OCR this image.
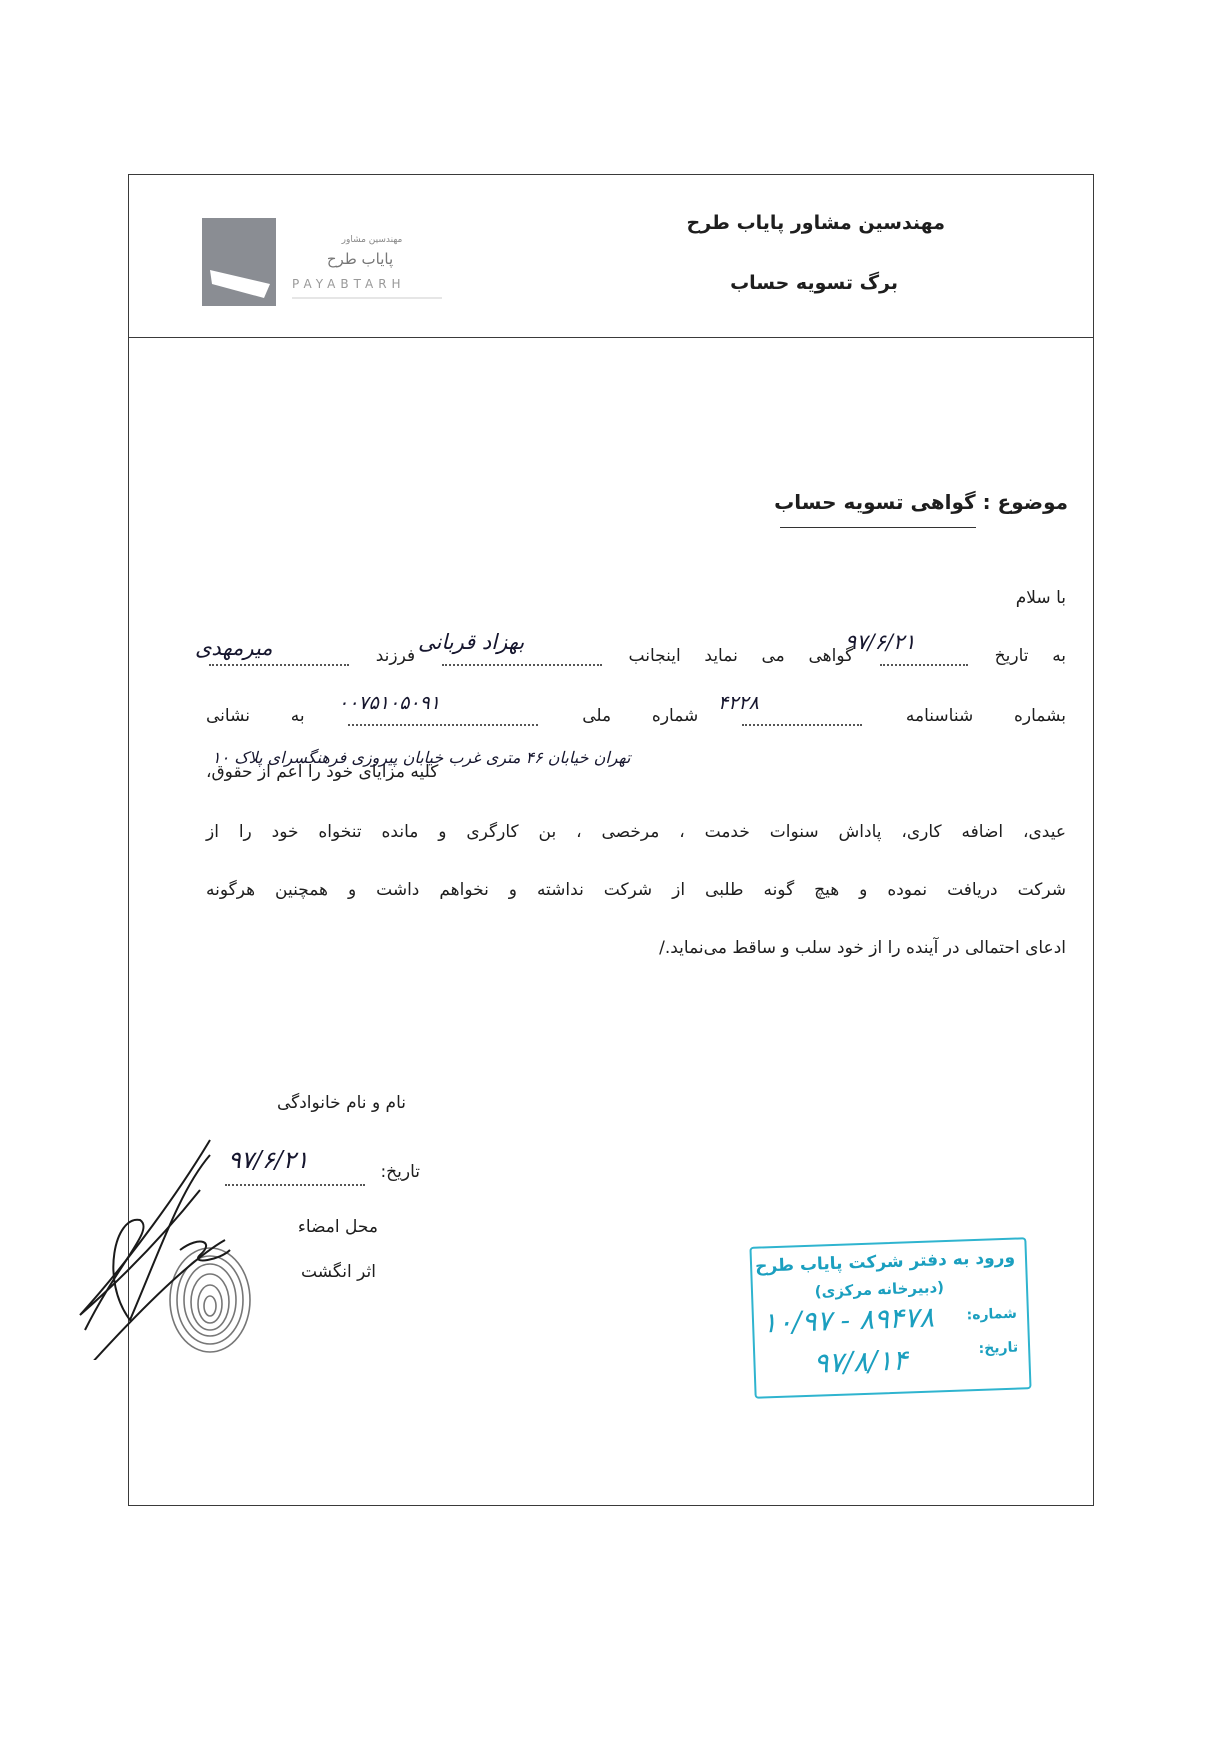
مهندسین مشاور
پایاب طرح
PAYABTARH
مهندسین مشاور پایاب طرح
برگ تسویه حساب
موضوع : گواهی تسویه حساب
با سلام
به تاریخ  گواهی می نماید اینجانب  فرزند
۹۷/۶/۲۱
بهزاد قربانی
میرمهدی
بشماره شناسنامه  شماره ملی  به نشانی
۴۲۲۸
۰۰۷۵۱۰۵۰۹۱
کلیه مزایای خود را اعم از حقوق،
تهران خیابان ۴۶ متری غرب خیابان پیروزی فرهنگسرای پلاک ۱۰
عیدی، اضافه کاری، پاداش سنوات خدمت ، مرخصی ، بن کارگری و مانده تنخواه خود را از
شرکت دریافت نموده و هیچ گونه طلبی از شرکت نداشته و نخواهم داشت و همچنین هرگونه
ادعای احتمالی در آینده را از خود سلب و ساقط می‌نماید./
نام و نام خانوادگی
تاریخ:
۹۷/۶/۲۱
محل امضاء
اثر انگشت	ورود به دفتر شرکت پایاب طرح
(دبیرخانه مرکزی)
شماره:
تاریخ:
۱۰/۹۷ - ۸۹۴۷۸
۹۷/۸/۱۴
